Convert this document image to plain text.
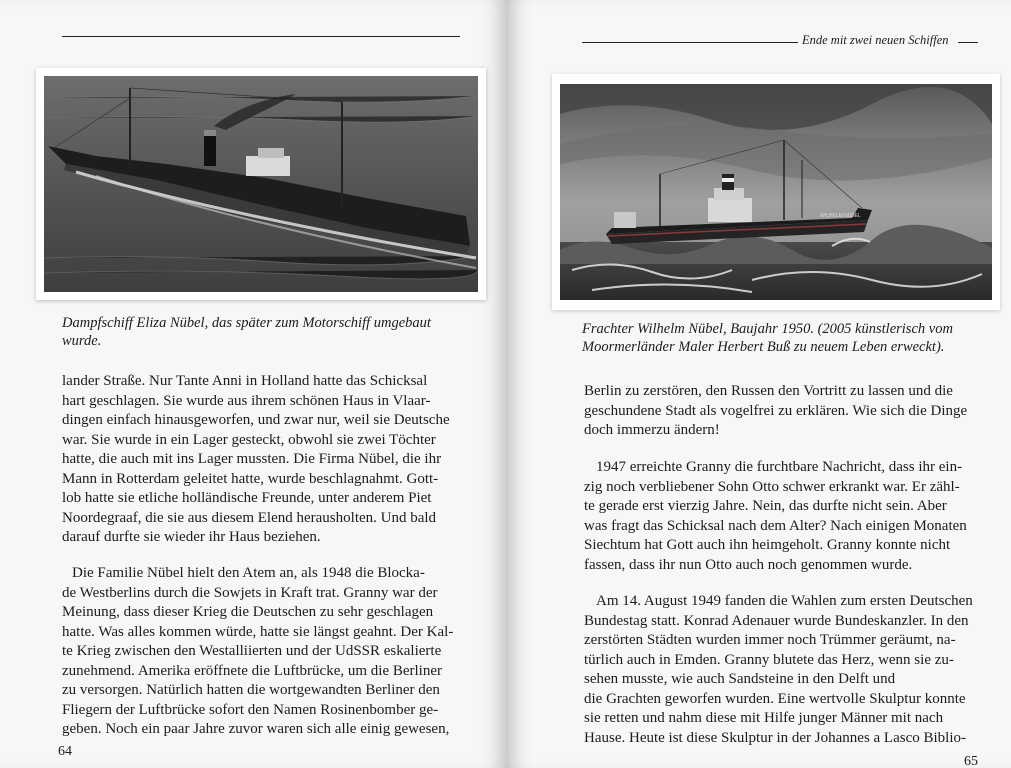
Dampfschiff Eliza Nübel, das später zum Motorschiff umgebaut
wurde.
lander Straße. Nur Tante Anni in Holland hatte das Schicksal
hart geschlagen. Sie wurde aus ihrem schönen Haus in Vlaar-
dingen einfach hinausgeworfen, und zwar nur, weil sie Deutsche
war. Sie wurde in ein Lager gesteckt, obwohl sie zwei Töchter
hatte, die auch mit ins Lager mussten. Die Firma Nübel, die ihr
Mann in Rotterdam geleitet hatte, wurde beschlagnahmt. Gott-
lob hatte sie etliche holländische Freunde, unter anderem Piet
Noordegraaf, die sie aus diesem Elend herausholten. Und bald
darauf durfte sie wieder ihr Haus beziehen.
Die Familie Nübel hielt den Atem an, als 1948 die Blocka-
de Westberlins durch die Sowjets in Kraft trat. Granny war der
Meinung, dass dieser Krieg die Deutschen zu sehr geschlagen
hatte. Was alles kommen würde, hatte sie längst geahnt. Der Kal-
te Krieg zwischen den Westalliierten und der UdSSR eskalierte
zunehmend. Amerika eröffnete die Luftbrücke, um die Berliner
zu versorgen. Natürlich hatten die wortgewandten Berliner den
Fliegern der Luftbrücke sofort den Namen Rosinenbomber ge-
geben. Noch ein paar Jahre zuvor waren sich alle einig gewesen,
64
Ende mit zwei neuen Schiffen
WILHELM NÜBEL
Frachter Wilhelm Nübel, Baujahr 1950. (2005 künstlerisch vom
Moormerländer Maler Herbert Buß zu neuem Leben erweckt).
Berlin zu zerstören, den Russen den Vortritt zu lassen und die
geschundene Stadt als vogelfrei zu erklären. Wie sich die Dinge
doch immerzu ändern!
1947 erreichte Granny die furchtbare Nachricht, dass ihr ein-
zig noch verbliebener Sohn Otto schwer erkrankt war. Er zähl-
te gerade erst vierzig Jahre. Nein, das durfte nicht sein. Aber
was fragt das Schicksal nach dem Alter? Nach einigen Monaten
Siechtum hat Gott auch ihn heimgeholt. Granny konnte nicht
fassen, dass ihr nun Otto auch noch genommen wurde.
Am 14. August 1949 fanden die Wahlen zum ersten Deutschen
Bundestag statt. Konrad Adenauer wurde Bundeskanzler. In den
zerstörten Städten wurden immer noch Trümmer geräumt, na-
türlich auch in Emden. Granny blutete das Herz, wenn sie zu-
sehen musste, wie auch Sandsteine in den Delft und
die Grachten geworfen wurden. Eine wertvolle Skulptur konnte
sie retten und nahm diese mit Hilfe junger Männer mit nach
Hause. Heute ist diese Skulptur in der Johannes a Lasco Biblio-
65
